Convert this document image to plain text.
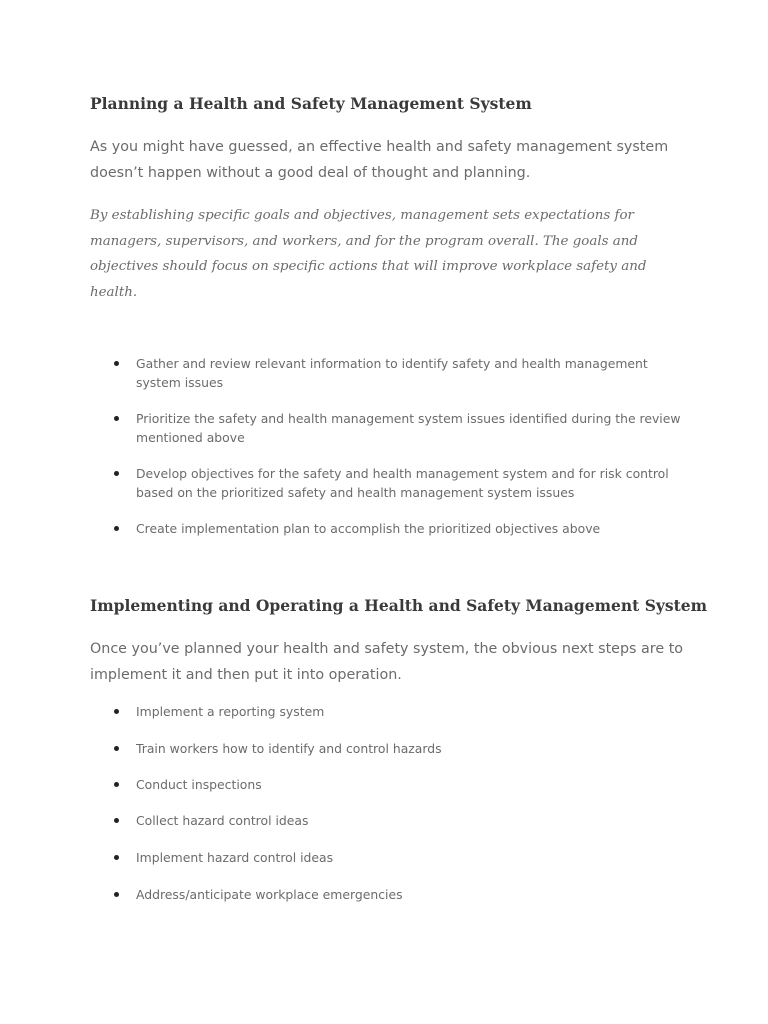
Planning a Health and Safety Management System

As you might have guessed, an effective health and safety management system doesn’t happen without a good deal of thought and planning.

By establishing specific goals and objectives, management sets expectations for managers, supervisors, and workers, and for the program overall. The goals and objectives should focus on specific actions that will improve workplace safety and health.

Gather and review relevant information to identify safety and health management system issues
Prioritize the safety and health management system issues identified during the review mentioned above
Develop objectives for the safety and health management system and for risk control based on the prioritized safety and health management system issues
Create implementation plan to accomplish the prioritized objectives above
Implementing and Operating a Health and Safety Management System

Once you’ve planned your health and safety system, the obvious next steps are to implement it and then put it into operation.

Implement a reporting system
Train workers how to identify and control hazards
Conduct inspections
Collect hazard control ideas
Implement hazard control ideas
Address/anticipate workplace emergencies
